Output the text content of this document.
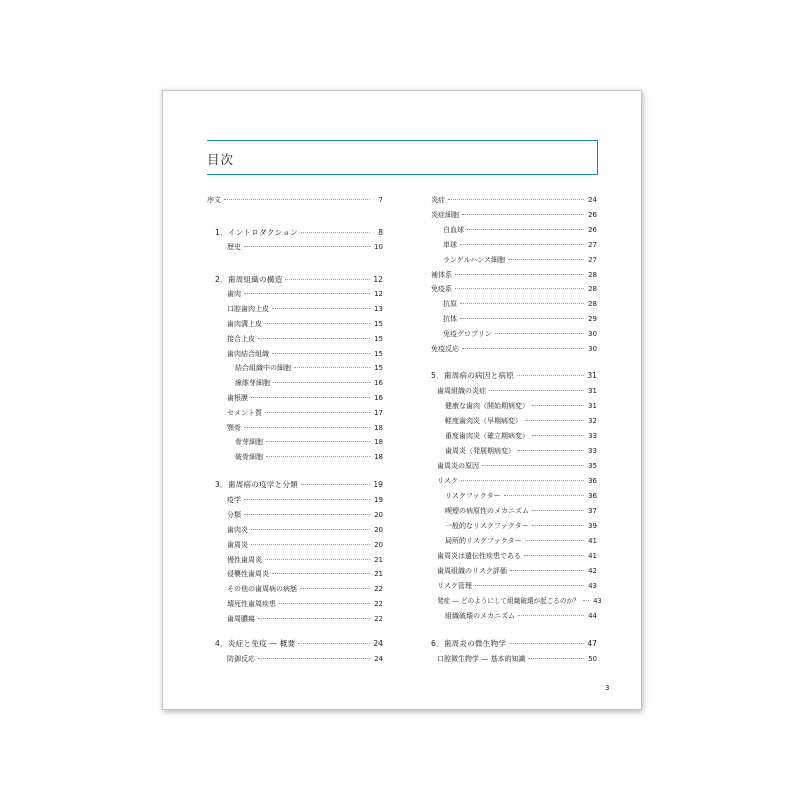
目次
序文	7
1．イントロダクション	8
歴史	10
2．歯周組織の構造	12
歯肉	12
口腔歯肉上皮	13
歯肉溝上皮	15
接合上皮	15
歯肉結合組織	15
結合組織中の細胞	15
線維芽細胞	16
歯根膜	16
セメント質	17
顎骨	18
骨芽細胞	18
破骨細胞	18
3．歯周病の疫学と分類	19
疫学	19
分類	20
歯肉炎	20
歯周炎	20
慢性歯周炎	21
侵襲性歯周炎	21
その他の歯周病の病態	22
壊死性歯周疾患	22
歯周膿瘍	22
4．炎症と免疫 ― 概要	24
防御反応	24
炎症	24
炎症細胞	26
白血球	26
単球	27
ランゲルハンス細胞	27
補体系	28
免疫系	28
抗原	28
抗体	29
免疫グロブリン	30
免疫反応	30
5．歯周病の病因と病原	31
歯周組織の炎症	31
健康な歯肉（開始期病変）	31
軽度歯肉炎（早期病変）	32
重度歯肉炎（確立期病変）	33
歯周炎（発展期病変）	33
歯周炎の原因	35
リスク	36
リスクファクター	36
喫煙の病原性のメカニズム	37
一般的なリスクファクター	39
局所的リスクファクター	41
歯周炎は遺伝性疾患である	41
歯周組織のリスク評価	42
リスク管理	43
発症 ― どのようにして組織破壊が起こるのか？ 43
組織破壊のメカニズム	44
6．歯周炎の微生物学	47
口腔微生物学 ― 基本的知識	50
3
